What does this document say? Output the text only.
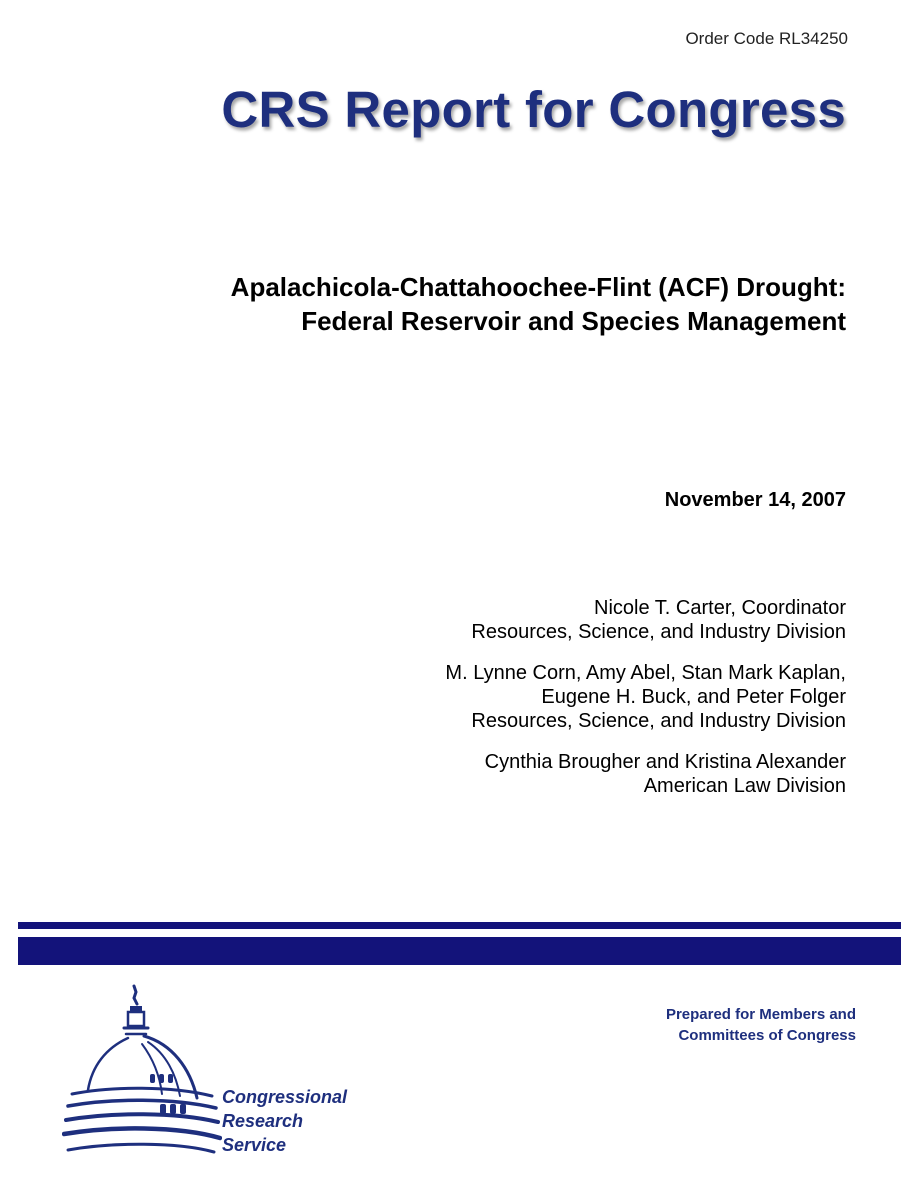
Order Code RL34250
CRS Report for Congress
Apalachicola-Chattahoochee-Flint (ACF) Drought:
Federal Reservoir and Species Management
November 14, 2007
Nicole T. Carter, Coordinator
Resources, Science, and Industry Division
M. Lynne Corn, Amy Abel, Stan Mark Kaplan,
Eugene H. Buck, and Peter Folger
Resources, Science, and Industry Division
Cynthia Brougher and Kristina Alexander
American Law Division
Congressional
Research
Service
Prepared for Members and
Committees of Congress
